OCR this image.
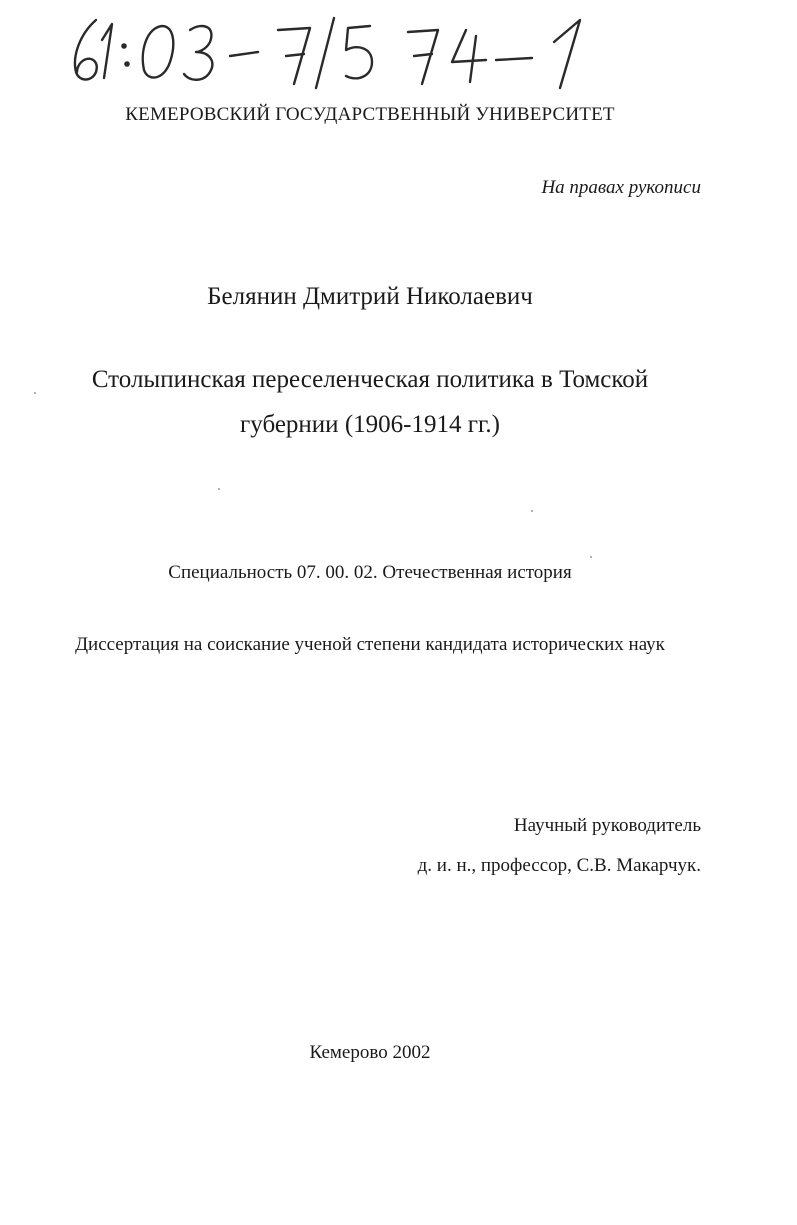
КЕМЕРОВСКИЙ ГОСУДАРСТВЕННЫЙ УНИВЕРСИТЕТ
На правах рукописи
Белянин Дмитрий Николаевич
Столыпинская переселенческая политика в Томской
губернии (1906-1914 гг.)
Специальность 07. 00. 02. Отечественная история
Диссертация на соискание ученой степени кандидата исторических наук
Научный руководитель
д. и. н., профессор, С.В. Макарчук.
Кемерово 2002
